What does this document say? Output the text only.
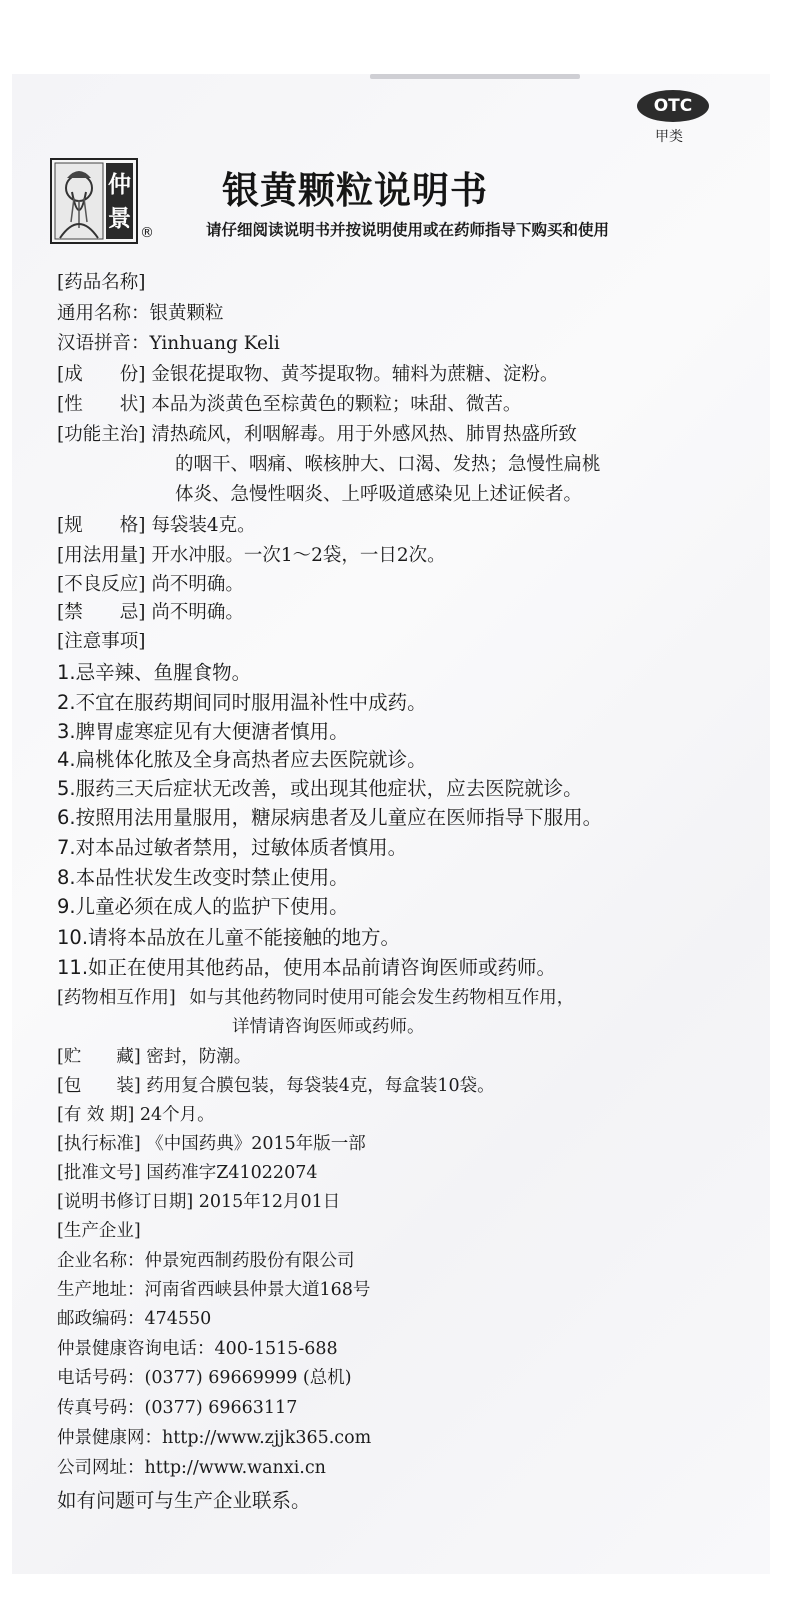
OTC
甲类
仲景
®
银黄颗粒说明书
请仔细阅读说明书并按说明使用或在药师指导下购买和使用
[药品名称]
通用名称：银黄颗粒
汉语拼音：Yinhuang Keli
[成　　份] 金银花提取物、黄芩提取物。辅料为蔗糖、淀粉。
[性　　状] 本品为淡黄色至棕黄色的颗粒；味甜、微苦。
[功能主治] 清热疏风，利咽解毒。用于外感风热、肺胃热盛所致
的咽干、咽痛、喉核肿大、口渴、发热；急慢性扁桃
体炎、急慢性咽炎、上呼吸道感染见上述证候者。
[规　　格] 每袋装4克。
[用法用量] 开水冲服。一次1～2袋，一日2次。
[不良反应] 尚不明确。
[禁　　忌] 尚不明确。
[注意事项]
1.忌辛辣、鱼腥食物。
2.不宜在服药期间同时服用温补性中成药。
3.脾胃虚寒症见有大便溏者慎用。
4.扁桃体化脓及全身高热者应去医院就诊。
5.服药三天后症状无改善，或出现其他症状，应去医院就诊。
6.按照用法用量服用，糖尿病患者及儿童应在医师指导下服用。
7.对本品过敏者禁用，过敏体质者慎用。
8.本品性状发生改变时禁止使用。
9.儿童必须在成人的监护下使用。
10.请将本品放在儿童不能接触的地方。
11.如正在使用其他药品，使用本品前请咨询医师或药师。
[药物相互作用] 如与其他药物同时使用可能会发生药物相互作用，
详情请咨询医师或药师。
[贮　　藏] 密封，防潮。
[包　　装] 药用复合膜包装，每袋装4克，每盒装10袋。
[有 效 期] 24个月。
[执行标准] 《中国药典》2015年版一部
[批准文号] 国药准字Z41022074
[说明书修订日期] 2015年12月01日
[生产企业]
企业名称：仲景宛西制药股份有限公司
生产地址：河南省西峡县仲景大道168号
邮政编码：474550
仲景健康咨询电话：400-1515-688
电话号码：(0377) 69669999 (总机)
传真号码：(0377) 69663117
仲景健康网：http://www.zjjk365.com
公司网址：http://www.wanxi.cn
如有问题可与生产企业联系。
